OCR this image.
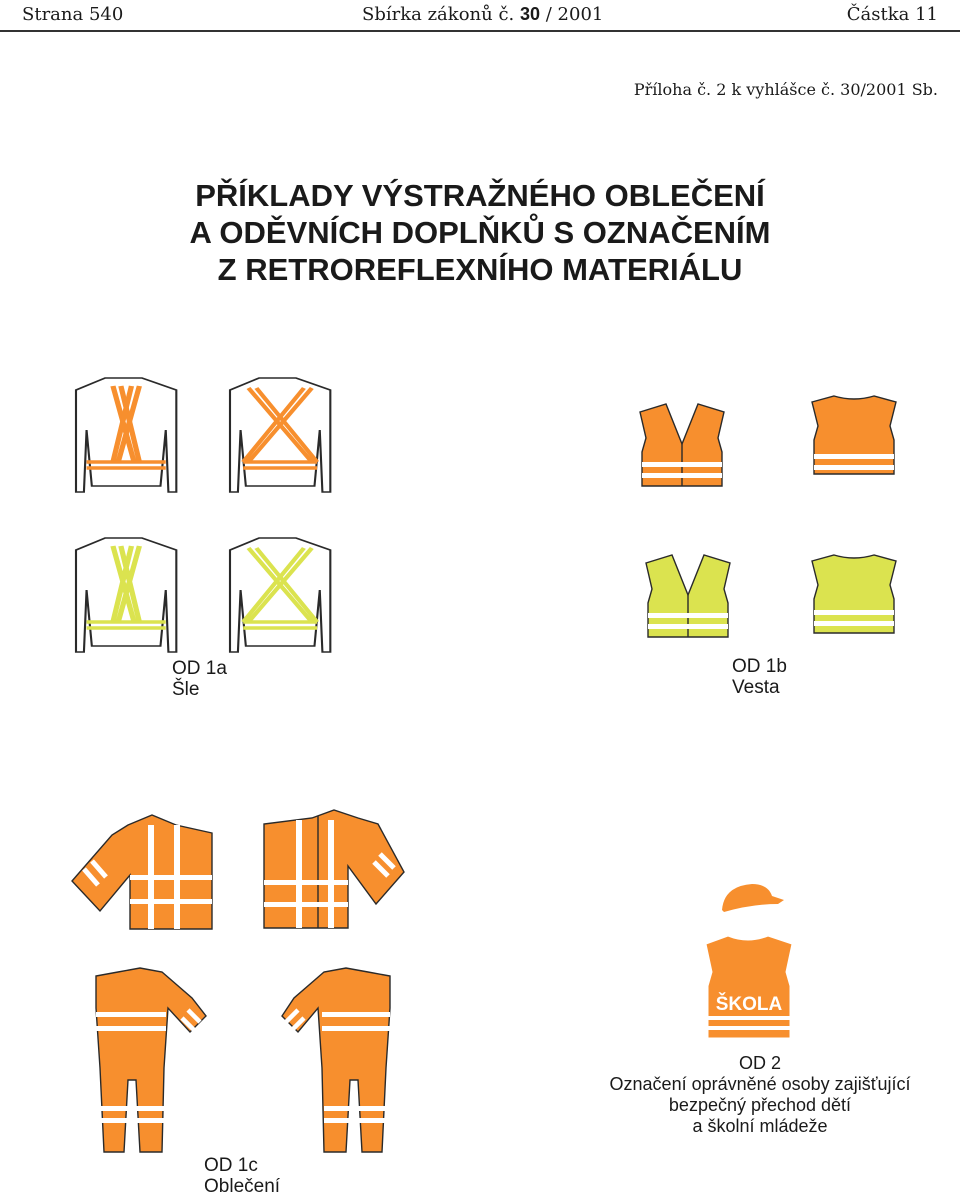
Strana 540	Sbírka zákonů č. 30 / 2001	Částka 11
Příloha č. 2 k vyhlášce č. 30/2001 Sb.
PŘÍKLADY VÝSTRAŽNÉHO OBLEČENÍ
A ODĚVNÍCH DOPLŇKŮ S OZNAČENÍM
Z RETROREFLEXNÍHO MATERIÁLU
ŠKOLA
OD 1a
Šle
OD 1b
Vesta
OD 1c
Oblečení
OD 2
Označení oprávněné osoby zajišťující
bezpečný přechod dětí
a školní mládeže
